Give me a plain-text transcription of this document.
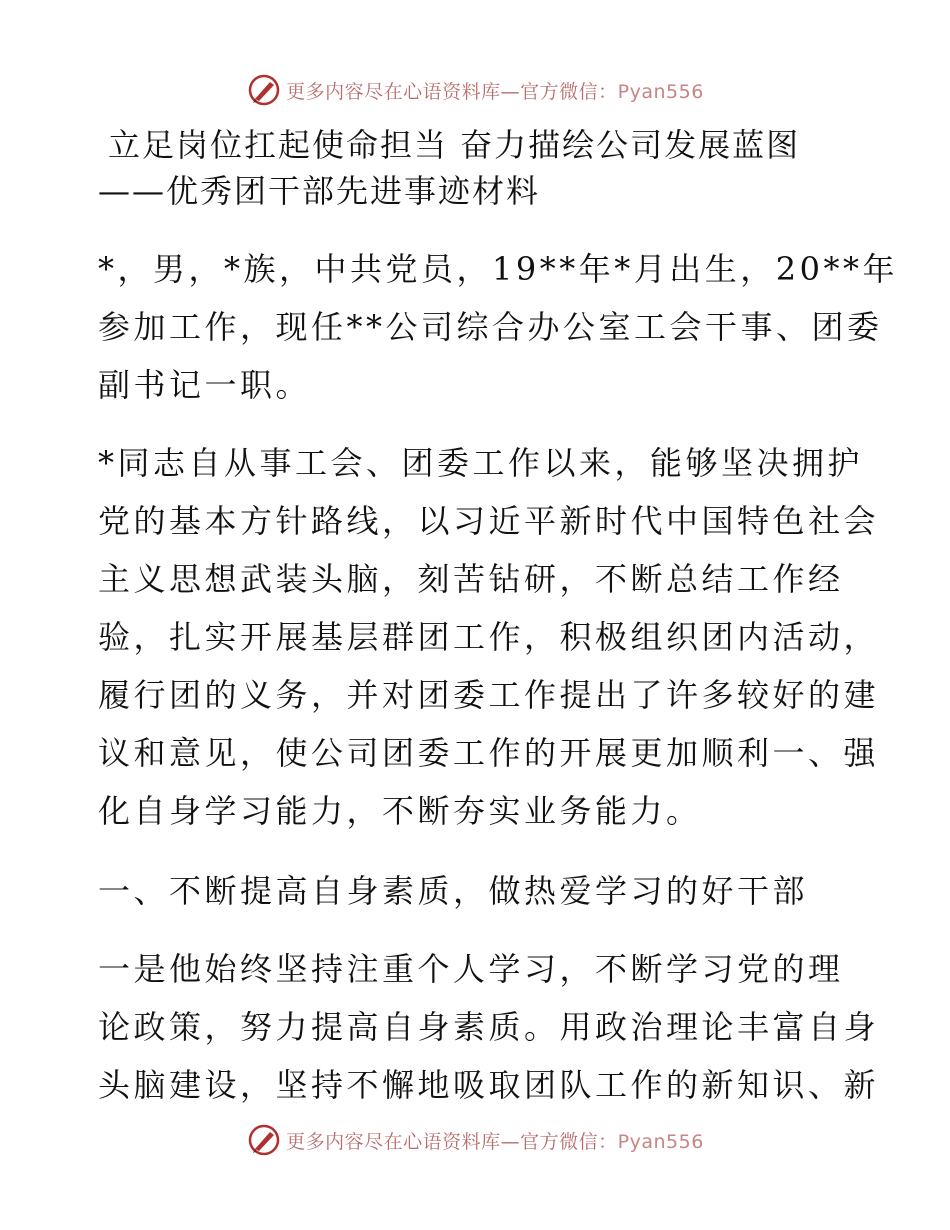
更多内容尽在心语资料库—官方微信：Pyan556
立足岗位扛起使命担当 奋力描绘公司发展蓝图
——优秀团干部先进事迹材料

*，男，*族，中共党员，19**年*月出生，20**年
参加工作，现任**公司综合办公室工会干事、团委
副书记一职。

*同志自从事工会、团委工作以来，能够坚决拥护
党的基本方针路线，以习近平新时代中国特色社会
主义思想武装头脑，刻苦钻研，不断总结工作经
验，扎实开展基层群团工作，积极组织团内活动，
履行团的义务，并对团委工作提出了许多较好的建
议和意见，使公司团委工作的开展更加顺利一、强
化自身学习能力，不断夯实业务能力。

一、不断提高自身素质，做热爱学习的好干部

一是他始终坚持注重个人学习，不断学习党的理
论政策，努力提高自身素质。用政治理论丰富自身
头脑建设，坚持不懈地吸取团队工作的新知识、新

更多内容尽在心语资料库—官方微信：Pyan556
